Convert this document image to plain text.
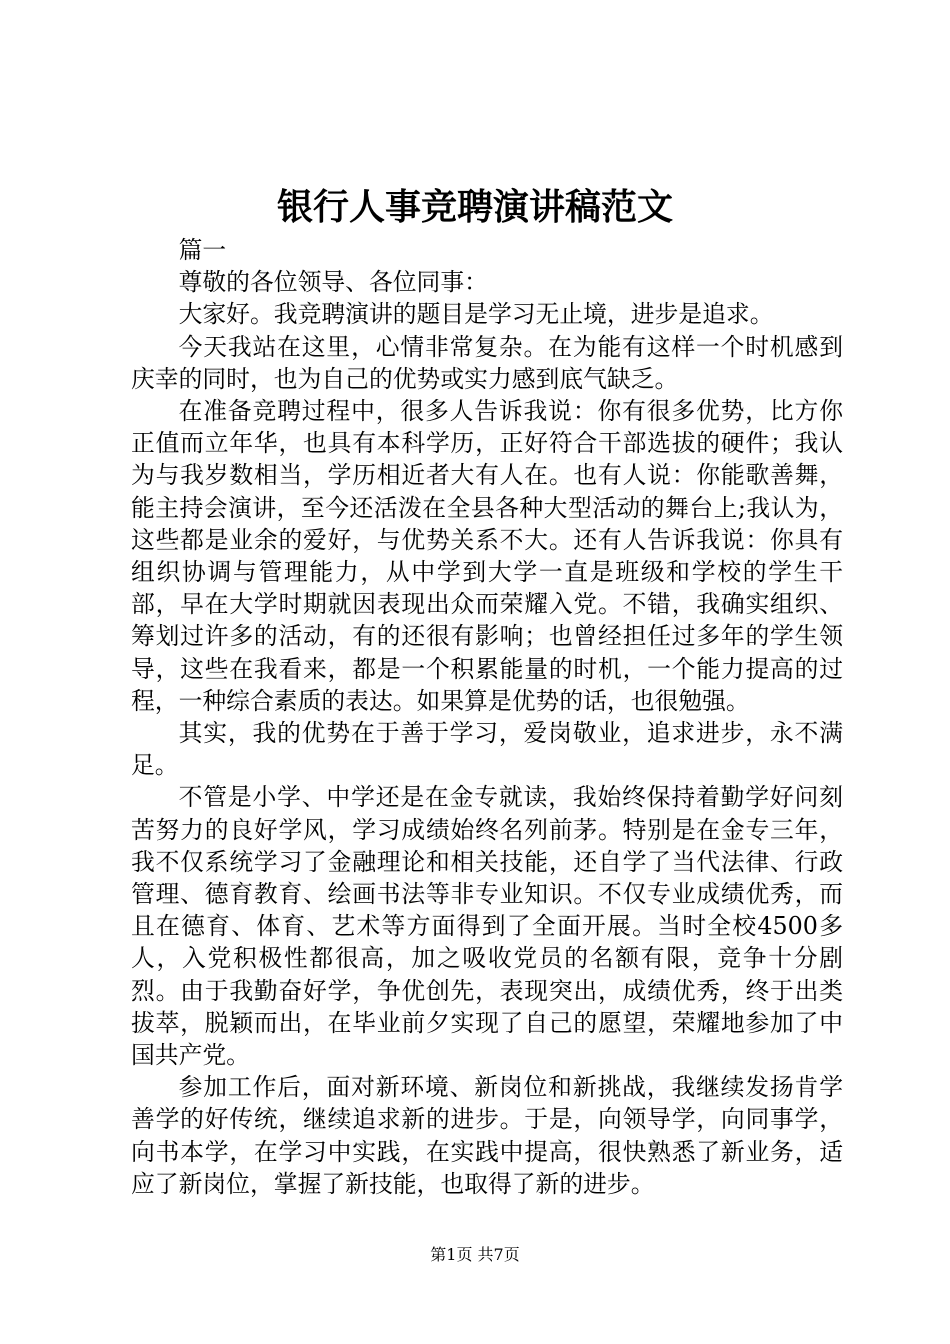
银行人事竞聘演讲稿范文

篇一

尊敬的各位领导、各位同事：

大家好。我竞聘演讲的题目是学习无止境，进步是追求。

今天我站在这里，心情非常复杂。在为能有这样一个时机感到庆幸的同时，也为自己的优势或实力感到底气缺乏。

在准备竞聘过程中，很多人告诉我说：你有很多优势，比方你正值而立年华，也具有本科学历，正好符合干部选拔的硬件；我认为与我岁数相当，学历相近者大有人在。也有人说：你能歌善舞，能主持会演讲，至今还活泼在全县各种大型活动的舞台上;我认为，这些都是业余的爱好，与优势关系不大。还有人告诉我说：你具有组织协调与管理能力，从中学到大学一直是班级和学校的学生干部，早在大学时期就因表现出众而荣耀入党。不错，我确实组织、筹划过许多的活动，有的还很有影响；也曾经担任过多年的学生领导，这些在我看来，都是一个积累能量的时机，一个能力提高的过程，一种综合素质的表达。如果算是优势的话，也很勉强。

其实，我的优势在于善于学习，爱岗敬业，追求进步，永不满足。

不管是小学、中学还是在金专就读，我始终保持着勤学好问刻苦努力的良好学风，学习成绩始终名列前茅。特别是在金专三年，我不仅系统学习了金融理论和相关技能，还自学了当代法律、行政管理、德育教育、绘画书法等非专业知识。不仅专业成绩优秀，而且在德育、体育、艺术等方面得到了全面开展。当时全校4500多人，入党积极性都很高，加之吸收党员的名额有限，竞争十分剧烈。由于我勤奋好学，争优创先，表现突出，成绩优秀，终于出类拔萃，脱颖而出，在毕业前夕实现了自己的愿望，荣耀地参加了中国共产党。

参加工作后，面对新环境、新岗位和新挑战，我继续发扬肯学善学的好传统，继续追求新的进步。于是，向领导学，向同事学，向书本学，在学习中实践，在实践中提高，很快熟悉了新业务，适应了新岗位，掌握了新技能，也取得了新的进步。

第1页 共7页
